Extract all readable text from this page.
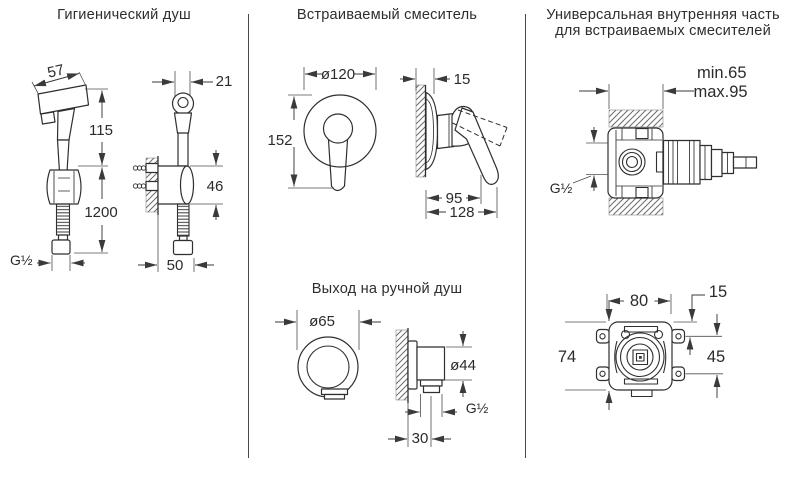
Гигиенический душ	Встраиваемый смеситель
Выход на ручной душ
Универсальная внутренняя часть
для встраиваемых смесителей
57
115
1200
G½
21
46
50
ø120
152
15
95
128
ø65
ø44
G½
30
min.65
max.95
G½
80
74
15
45
